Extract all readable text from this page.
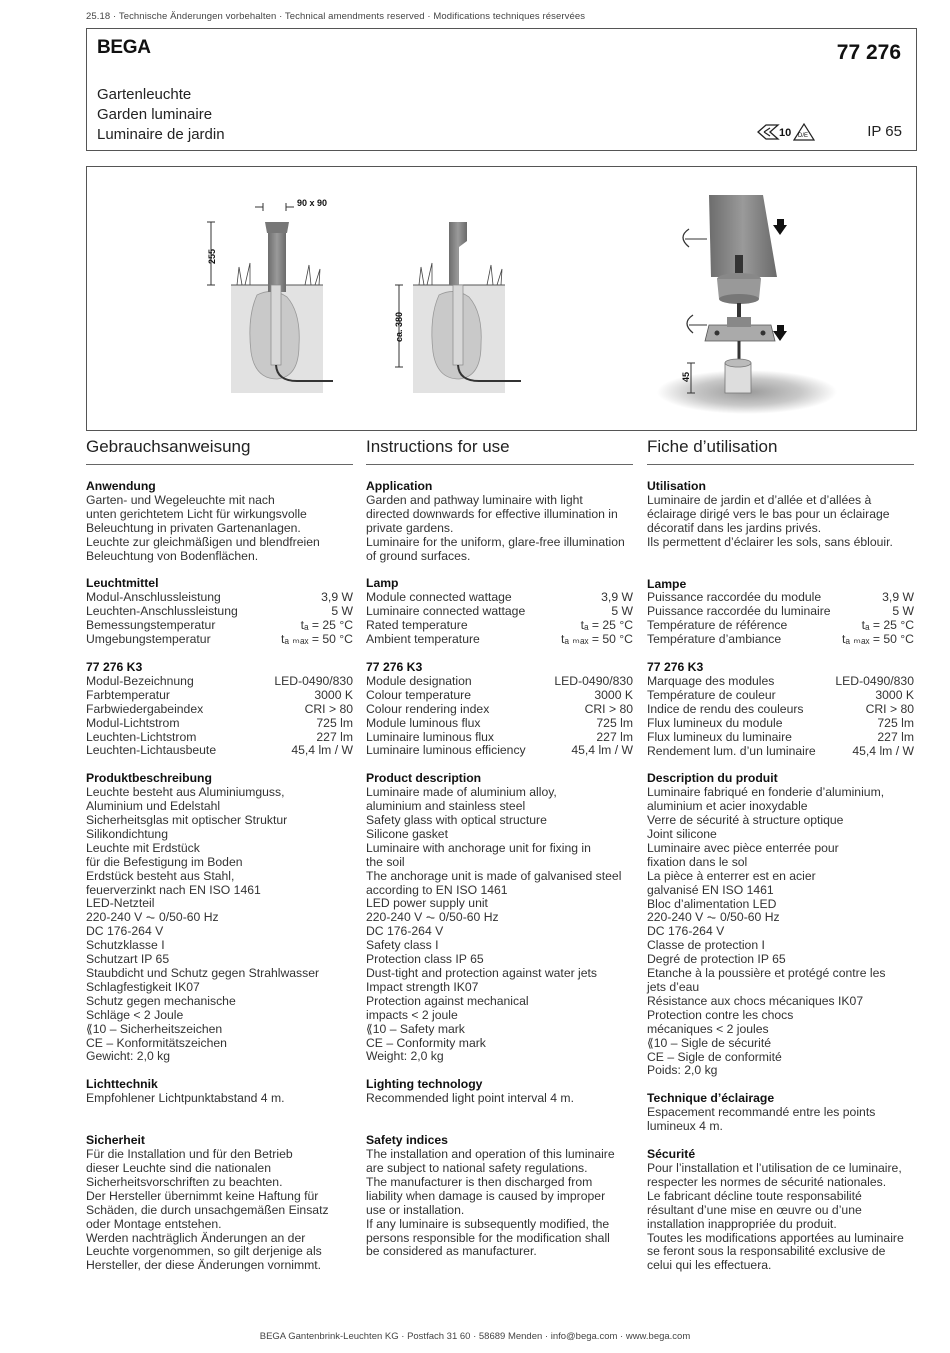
25.18 · Technische Änderungen vorbehalten · Technical amendments reserved · Modifications techniques réservées
BEGA	77 276
Gartenleuchte
Garden luminaire
Luminaire de jardin	10 D/E	IP 65
90 x 90
255
ca. 380
45
Gebrauchsanweisung
Anwendung
Garten- und Wegeleuchte mit nach
unten gerichtetem Licht für wirkungsvolle
Beleuchtung in privaten Gartenanlagen.
Leuchte zur gleichmäßigen und blendfreien
Beleuchtung von Bodenflächen.
Leuchtmittel
Modul-Anschlussleistung	3,9 W
Leuchten-Anschlussleistung	5 W
Bemessungstemperatur	tₐ = 25 °C
Umgebungstemperatur	tₐ ₘₐₓ = 50 °C
77 276 K3
Modul-Bezeichnung	LED-0490/830
Farbtemperatur	3000 K
Farbwiedergabeindex	CRI > 80
Modul-Lichtstrom	725 lm
Leuchten-Lichtstrom	227 lm
Leuchten-Lichtausbeute	45,4 lm / W
Produktbeschreibung
Leuchte besteht aus Aluminiumguss,
Aluminium und Edelstahl
Sicherheitsglas mit optischer Struktur
Silikondichtung
Leuchte mit Erdstück
für die Befestigung im Boden
Erdstück besteht aus Stahl,
feuerverzinkt nach EN ISO 1461
LED-Netzteil
220-240 V ⏦ 0/50-60 Hz
DC 176-264 V
Schutzklasse I
Schutzart IP 65
Staubdicht und Schutz gegen Strahlwasser
Schlagfestigkeit IK07
Schutz gegen mechanische
Schläge < 2 Joule
⟪10 – Sicherheitszeichen
CE – Konformitätszeichen
Gewicht: 2,0 kg
Lichttechnik
Empfohlener Lichtpunktabstand 4 m.
Sicherheit
Für die Installation und für den Betrieb
dieser Leuchte sind die nationalen
Sicherheitsvorschriften zu beachten.
Der Hersteller übernimmt keine Haftung für
Schäden, die durch unsachgemäßen Einsatz
oder Montage entstehen.
Werden nachträglich Änderungen an der
Leuchte vorgenommen, so gilt derjenige als
Hersteller, der diese Änderungen vornimmt.
Instructions for use
Application
Garden and pathway luminaire with light
directed downwards for effective illumination in
private gardens.
Luminaire for the uniform, glare-free illumination
of ground surfaces.
Lamp
Module connected wattage	3,9 W
Luminaire connected wattage	5 W
Rated temperature	tₐ = 25 °C
Ambient temperature	tₐ ₘₐₓ = 50 °C
77 276 K3
Module designation	LED-0490/830
Colour temperature	3000 K
Colour rendering index	CRI > 80
Module luminous flux	725 lm
Luminaire luminous flux	227 lm
Luminaire luminous efficiency	45,4 lm / W
Product description
Luminaire made of aluminium alloy,
aluminium and stainless steel
Safety glass with optical structure
Silicone gasket
Luminaire with anchorage unit for fixing in
the soil
The anchorage unit is made of galvanised steel
according to EN ISO 1461
LED power supply unit
220-240 V ⏦ 0/50-60 Hz
DC 176-264 V
Safety class I
Protection class IP 65
Dust-tight and protection against water jets
Impact strength IK07
Protection against mechanical
impacts < 2 joule
⟪10 – Safety mark
CE – Conformity mark
Weight: 2,0 kg
Lighting technology
Recommended light point interval 4 m.
Safety indices
The installation and operation of this luminaire
are subject to national safety regulations.
The manufacturer is then discharged from
liability when damage is caused by improper
use or installation.
If any luminaire is subsequently modified, the
persons responsible for the modification shall
be considered as manufacturer.
Fiche d’utilisation
Utilisation
Luminaire de jardin et d’allée et d’allées à
éclairage dirigé vers le bas pour un éclairage
décoratif dans les jardins privés.
Ils permettent d’éclairer les sols, sans éblouir.
Lampe
Puissance raccordée du module	3,9 W
Puissance raccordée du luminaire	5 W
Température de référence	tₐ = 25 °C
Température d’ambiance	tₐ ₘₐₓ = 50 °C
77 276 K3
Marquage des modules	LED-0490/830
Température de couleur	3000 K
Indice de rendu des couleurs	CRI > 80
Flux lumineux du module	725 lm
Flux lumineux du luminaire	227 lm
Rendement lum. d’un luminaire	45,4 lm / W
Description du produit
Luminaire fabriqué en fonderie d’aluminium,
aluminium et acier inoxydable
Verre de sécurité à structure optique
Joint silicone
Luminaire avec pièce enterrée pour
fixation dans le sol
La pièce à enterrer est en acier
galvanisé EN ISO 1461
Bloc d’alimentation LED
220-240 V ⏦ 0/50-60 Hz
DC 176-264 V
Classe de protection I
Degré de protection IP 65
Etanche à la poussière et protégé contre les
jets d’eau
Résistance aux chocs mécaniques IK07
Protection contre les chocs
mécaniques < 2 joules
⟪10 – Sigle de sécurité
CE – Sigle de conformité
Poids: 2,0 kg
Technique d’éclairage
Espacement recommandé entre les points
lumineux 4 m.
Sécurité
Pour l’installation et l’utilisation de ce luminaire,
respecter les normes de sécurité nationales.
Le fabricant décline toute responsabilité
résultant d’une mise en œuvre ou d’une
installation inappropriée du produit.
Toutes les modifications apportées au luminaire
se feront sous la responsabilité exclusive de
celui qui les effectuera.
BEGA Gantenbrink-Leuchten KG · Postfach 31 60 · 58689 Menden · info@bega.com · www.bega.com
